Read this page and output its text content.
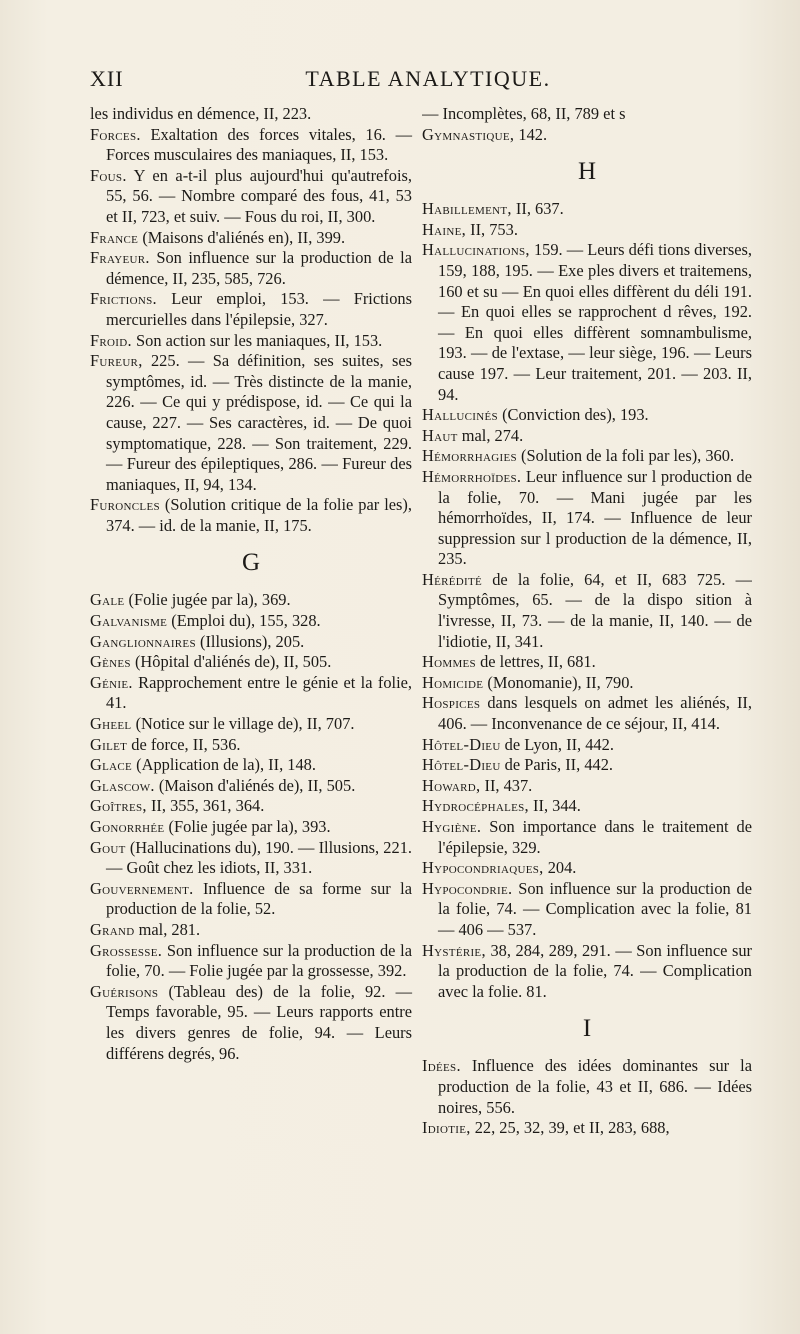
XII	TABLE ANALYTIQUE.

les individus en démence, II, 223.

Forces. Exaltation des forces vitales, 16. — Forces musculaires des maniaques, II, 153.

Fous. Y en a-t-il plus aujourd'hui qu'autrefois, 55, 56. — Nombre comparé des fous, 41, 53 et II, 723, et suiv. — Fous du roi, II, 300.

France (Maisons d'aliénés en), II, 399.

Frayeur. Son influence sur la production de la démence, II, 235, 585, 726.

Frictions. Leur emploi, 153. — Frictions mercurielles dans l'épilepsie, 327.

Froid. Son action sur les maniaques, II, 153.

Fureur, 225. — Sa définition, ses suites, ses symptômes, id. — Très distincte de la manie, 226. — Ce qui y prédispose, id. — Ce qui la cause, 227. — Ses caractères, id. — De quoi symptomatique, 228. — Son traitement, 229. — Fureur des épileptiques, 286. — Fureur des maniaques, II, 94, 134.

Furoncles (Solution critique de la folie par les), 374. — id. de la manie, II, 175.

G

Gale (Folie jugée par la), 369.

Galvanisme (Emploi du), 155, 328.

Ganglionnaires (Illusions), 205.

Gènes (Hôpital d'aliénés de), II, 505.

Génie. Rapprochement entre le génie et la folie, 41.

Gheel (Notice sur le village de), II, 707.

Gilet de force, II, 536.

Glace (Application de la), II, 148.

Glascow. (Maison d'aliénés de), II, 505.

Goîtres, II, 355, 361, 364.

Gonorrhée (Folie jugée par la), 393.

Gout (Hallucinations du), 190. — Illusions, 221. — Goût chez les idiots, II, 331.

Gouvernement. Influence de sa forme sur la production de la folie, 52.

Grand mal, 281.

Grossesse. Son influence sur la production de la folie, 70. — Folie jugée par la grossesse, 392.

Guérisons (Tableau des) de la folie, 92. — Temps favorable, 95. — Leurs rapports entre les divers genres de folie, 94. — Leurs différens degrés, 96.

— Incomplètes, 68, II, 789 et s

Gymnastique, 142.

H

Habillement, II, 637.

Haine, II, 753.

Hallucinations, 159. — Leurs défi tions diverses, 159, 188, 195. — Exe ples divers et traitemens, 160 et su — En quoi elles diffèrent du déli 191. — En quoi elles se rapprochent d rêves, 192. — En quoi elles diffèrent somnambulisme, 193. — de l'extase, — leur siège, 196. — Leurs cause 197. — Leur traitement, 201. — 203. II, 94.

Hallucinés (Conviction des), 193.

Haut mal, 274.

Hémorrhagies (Solution de la foli par les), 360.

Hémorrhoïdes. Leur influence sur l production de la folie, 70. — Mani jugée par les hémorrhoïdes, II, 174. — Influence de leur suppression sur l production de la démence, II, 235.

Hérédité de la folie, 64, et II, 683 725. — Symptômes, 65. — de la dispo sition à l'ivresse, II, 73. — de la manie, II, 140. — de l'idiotie, II, 341.

Hommes de lettres, II, 681.

Homicide (Monomanie), II, 790.

Hospices dans lesquels on admet les aliénés, II, 406. — Inconvenance de ce séjour, II, 414.

Hôtel-Dieu de Lyon, II, 442.

Hôtel-Dieu de Paris, II, 442.

Howard, II, 437.

Hydrocéphales, II, 344.

Hygiène. Son importance dans le traitement de l'épilepsie, 329.

Hypocondriaques, 204.

Hypocondrie. Son influence sur la production de la folie, 74. — Complication avec la folie, 81 — 406 — 537.

Hystérie, 38, 284, 289, 291. — Son influence sur la production de la folie, 74. — Complication avec la folie. 81.

I

Idées. Influence des idées dominantes sur la production de la folie, 43 et II, 686. — Idées noires, 556.

Idiotie, 22, 25, 32, 39, et II, 283, 688,
